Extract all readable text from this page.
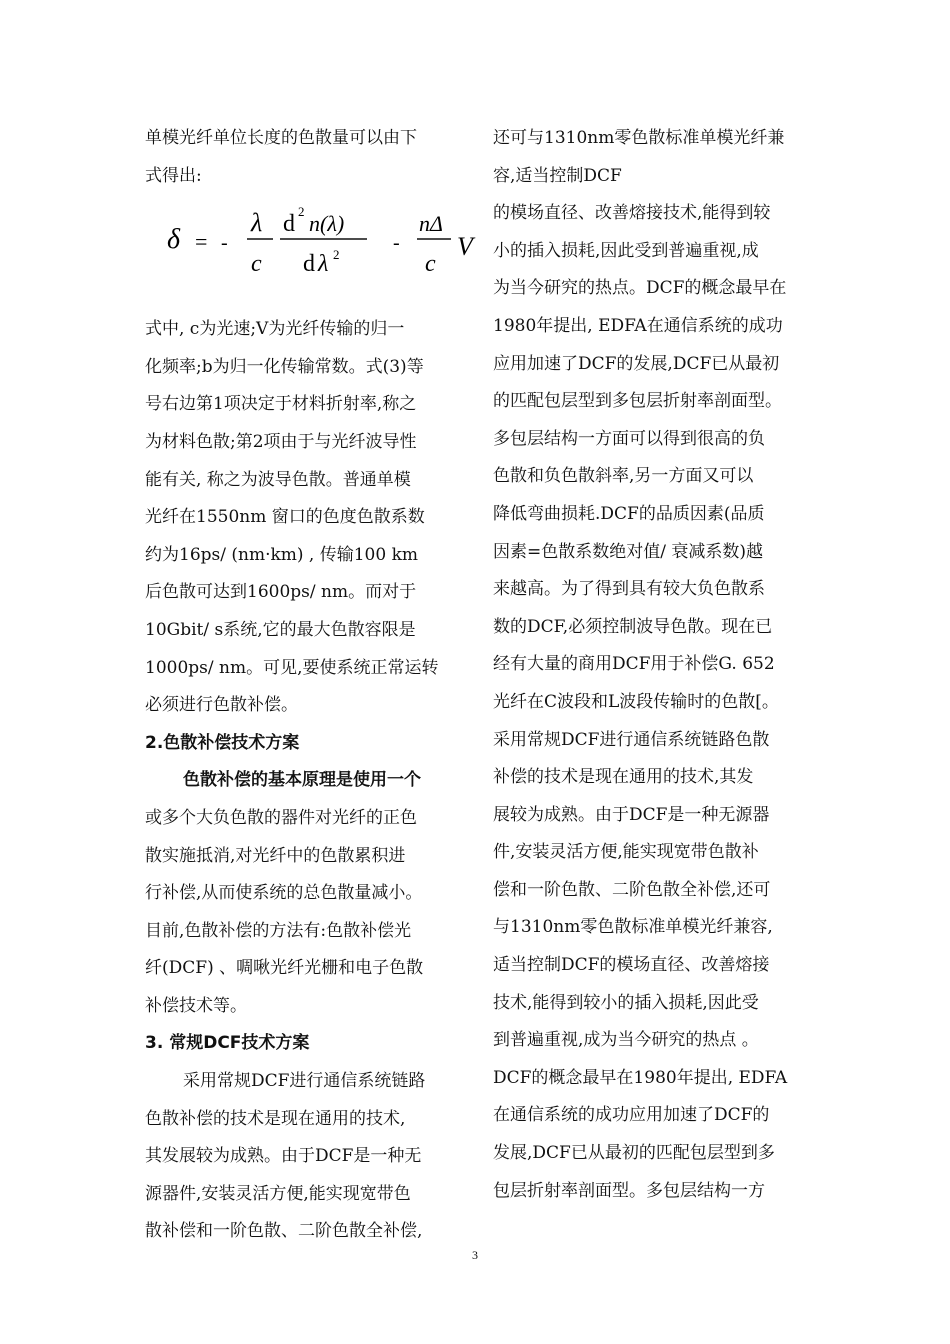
单模光纤单位长度的色散量可以由下
式得出:
δ = -
λ
c
d 2 n(λ)
d λ 2
-
nΔ
c
V
式中, c为光速;V为光纤传输的归一
化频率;b为归一化传输常数。式(3)等
号右边第1项决定于材料折射率,称之
为材料色散;第2项由于与光纤波导性
能有关, 称之为波导色散。普通单模
光纤在1550nm 窗口的色度色散系数
约为16ps/ (nm·km) , 传输100 km
后色散可达到1600ps/ nm。而对于
10Gbit/ s系统,它的最大色散容限是
1000ps/ nm。可见,要使系统正常运转
必须进行色散补偿。
2.色散补偿技术方案
色散补偿的基本原理是使用一个
或多个大负色散的器件对光纤的正色
散实施抵消,对光纤中的色散累积进
行补偿,从而使系统的总色散量减小。
目前,色散补偿的方法有:色散补偿光
纤(DCF) 、啁啾光纤光栅和电子色散
补偿技术等。
3. 常规DCF技术方案
采用常规DCF进行通信系统链路
色散补偿的技术是现在通用的技术,
其发展较为成熟。由于DCF是一种无
源器件,安装灵活方便,能实现宽带色
散补偿和一阶色散、二阶色散全补偿,
还可与1310nm零色散标准单模光纤兼
容,适当控制DCF
的模场直径、改善熔接技术,能得到较
小的插入损耗,因此受到普遍重视,成
为当今研究的热点。DCF的概念最早在
1980年提出, EDFA在通信系统的成功
应用加速了DCF的发展,DCF已从最初
的匹配包层型到多包层折射率剖面型。
多包层结构一方面可以得到很高的负
色散和负色散斜率,另一方面又可以
降低弯曲损耗.DCF的品质因素(品质
因素=色散系数绝对值/ 衰减系数)越
来越高。为了得到具有较大负色散系
数的DCF,必须控制波导色散。现在已
经有大量的商用DCF用于补偿G. 652
光纤在C波段和L波段传输时的色散[。
采用常规DCF进行通信系统链路色散
补偿的技术是现在通用的技术,其发
展较为成熟。由于DCF是一种无源器
件,安装灵活方便,能实现宽带色散补
偿和一阶色散、二阶色散全补偿,还可
与1310nm零色散标准单模光纤兼容,
适当控制DCF的模场直径、改善熔接
技术,能得到较小的插入损耗,因此受
到普遍重视,成为当今研究的热点 。
DCF的概念最早在1980年提出, EDFA
在通信系统的成功应用加速了DCF的
发展,DCF已从最初的匹配包层型到多
包层折射率剖面型。多包层结构一方
3
